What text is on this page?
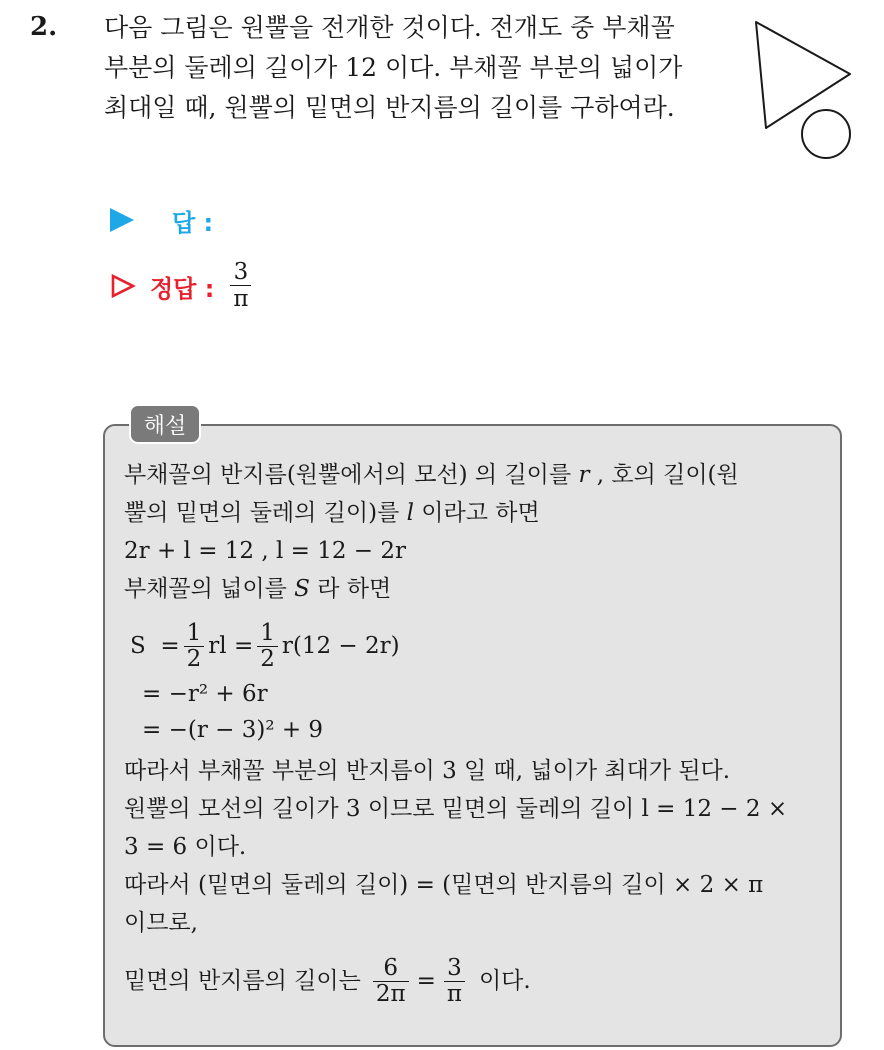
2. 다음 그림은 원뿔을 전개한 것이다. 전개도 중 부채꼴
부분의 둘레의 길이가 12 이다. 부채꼴 부분의 넓이가
최대일 때, 원뿔의 밑면의 반지름의 길이를 구하여라.
답 :
정답 : $\frac{3}{\pi}$
해설
부채꼴의 반지름(원뿔에서의 모선) 의 길이를 r , 호의 길이(원
뿔의 밑면의 둘레의 길이)를 l 이라고 하면
2r + l = 12 , l = 12 − 2r
부채꼴의 넓이를 S 라 하면
$S = \frac{1}{2}$ rl = $\frac{1}{2} r(12 - 2r)$
= −r² + 6r
= −(r − 3)² + 9
따라서 부채꼴 부분의 반지름이 3 일 때, 넓이가 최대가 된다.
원뿔의 모선의 길이가 3 이므로 밑면의 둘레의 길이 l = 12 − 2 ×
3 = 6 이다.
따라서 (밑면의 둘레의 길이) = (밑면의 반지름의 길이 × 2 × π
이므로,
밑면의 반지름의 길이는 $\frac{6}{2\pi} = \frac{3}{\pi}$ 이다.
